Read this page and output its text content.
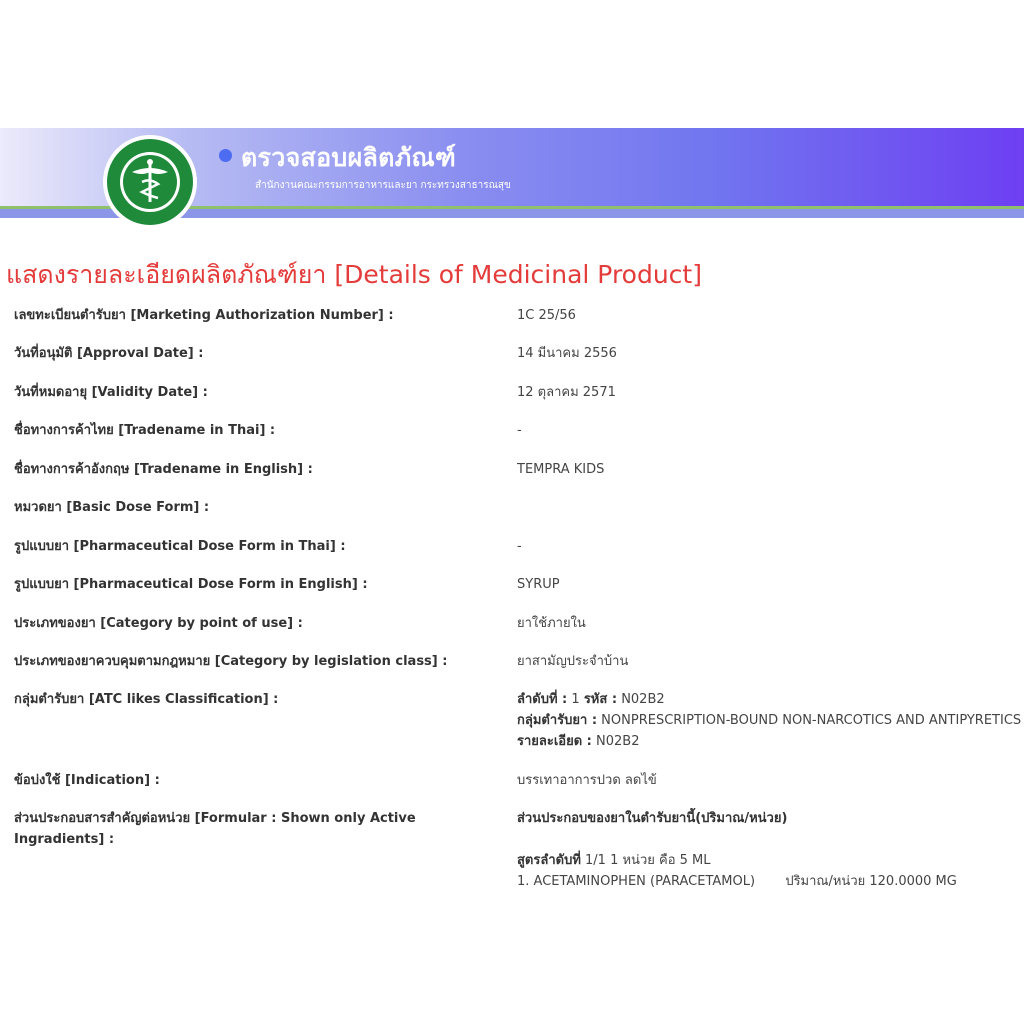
ตรวจสอบผลิตภัณฑ์
สำนักงานคณะกรรมการอาหารและยา กระทรวงสาธารณสุข
แสดงรายละเอียดผลิตภัณฑ์ยา [Details of Medicinal Product]
เลขทะเบียนตำรับยา [Marketing Authorization Number] :	1C 25/56
วันที่อนุมัติ [Approval Date] :	14 มีนาคม 2556
วันที่หมดอายุ [Validity Date] :	12 ตุลาคม 2571
ชื่อทางการค้าไทย [Tradename in Thai] :	-
ชื่อทางการค้าอังกฤษ [Tradename in English] :	TEMPRA KIDS
หมวดยา [Basic Dose Form] :
รูปแบบยา [Pharmaceutical Dose Form in Thai] :	-
รูปแบบยา [Pharmaceutical Dose Form in English] :	SYRUP
ประเภทของยา [Category by point of use] :	ยาใช้ภายใน
ประเภทของยาควบคุมตามกฎหมาย [Category by legislation class] :	ยาสามัญประจำบ้าน
กลุ่มตำรับยา [ATC likes Classification] :	ลำดับที่ : 1 รหัส : N02B2
กลุ่มตำรับยา : NONPRESCRIPTION-BOUND NON-NARCOTICS AND ANTIPYRETICS
รายละเอียด : N02B2
ข้อบ่งใช้ [Indication] :	บรรเทาอาการปวด ลดไข้
ส่วนประกอบสารสำคัญต่อหน่วย [Formular : Shown only Active Ingradients] :
ส่วนประกอบของยาในตำรับยานี้(ปริมาณ/หน่วย)
สูตรลำดับที่ 1/1 1 หน่วย คือ 5 ML
1. ACETAMINOPHEN (PARACETAMOL) ปริมาณ/หน่วย 120.0000 MG
